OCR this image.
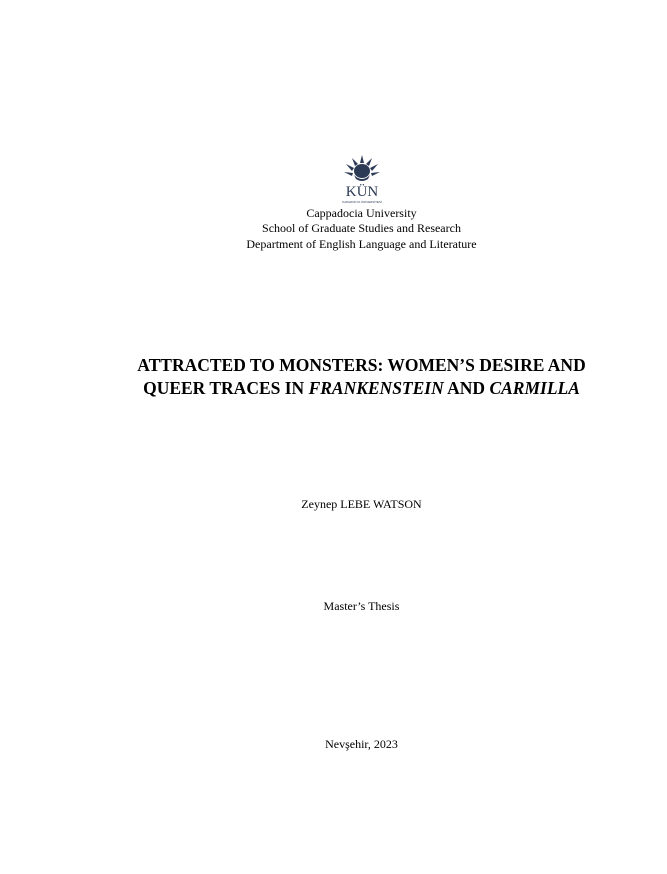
KÜN
KAPADOKYA ÜNİVERSİTESİ
Cappadocia University
School of Graduate Studies and Research
Department of English Language and Literature
ATTRACTED TO MONSTERS: WOMEN’S DESIRE AND
QUEER TRACES IN FRANKENSTEIN AND CARMILLA
Zeynep LEBE WATSON
Master’s Thesis
Nevşehir, 2023
